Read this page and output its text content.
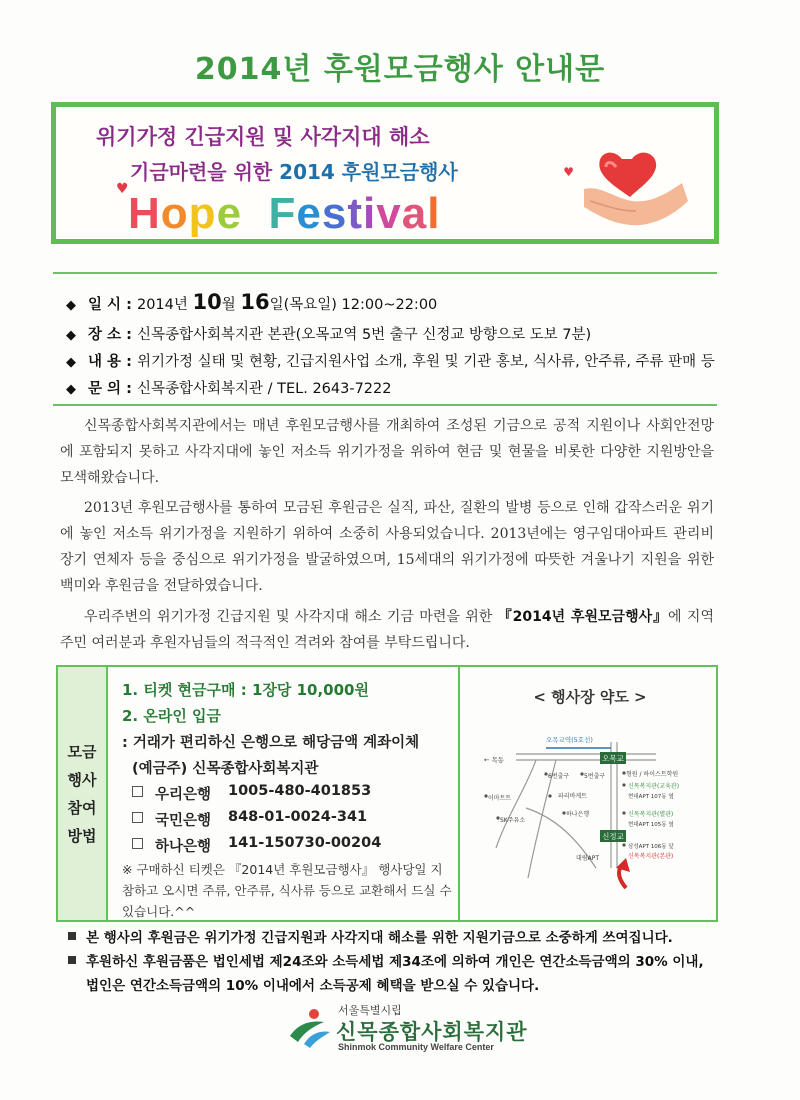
2014년 후원모금행사 안내문
위기가정 긴급지원 및 사각지대 해소
기금마련을 위한 2014 후원모금행사
Hope Festival
♥
♥
◆ 일 시 : 2014년 10월 16일(목요일) 12:00~22:00
◆ 장 소 : 신목종합사회복지관 본관(오목교역 5번 출구 신정교 방향으로 도보 7분)
◆ 내 용 : 위기가정 실태 및 현황, 긴급지원사업 소개, 후원 및 기관 홍보, 식사류, 안주류, 주류 판매 등
◆ 문 의 : 신목종합사회복지관 / TEL. 2643-7222
신목종합사회복지관에서는 매년 후원모금행사를 개최하여 조성된 기금으로 공적 지원이나 사회안전망에 포함되지 못하고 사각지대에 놓인 저소득 위기가정을 위하여 현금 및 현물을 비롯한 다양한 지원방안을 모색해왔습니다.
2013년 후원모금행사를 통하여 모금된 후원금은 실직, 파산, 질환의 발병 등으로 인해 갑작스러운 위기에 놓인 저소득 위기가정을 지원하기 위하여 소중히 사용되었습니다. 2013년에는 영구임대아파트 관리비 장기 연체자 등을 중심으로 위기가정을 발굴하였으며, 15세대의 위기가정에 따뜻한 겨울나기 지원을 위한 백미와 후원금을 전달하였습니다.
우리주변의 위기가정 긴급지원 및 사각지대 해소 기금 마련을 위한 『2014년 후원모금행사』에 지역주민 여러분과 후원자님들의 적극적인 격려와 참여를 부탁드립니다.
모금
행사
참여
방법
1. 티켓 현금구매 : 1장당 10,000원
2. 온라인 입금
: 거래가 편리하신 은행으로 해당금액 계좌이체
(예금주) 신목종합사회복지관
우리은행 1005-480-401853
국민은행 848-01-0024-341
하나은행 141-150730-00204
※ 구매하신 티켓은 『2014년 후원모금행사』 행사당일 지참하고 오시면 주류, 안주류, 식사류 등으로 교환해서 드실 수 있습니다.^^
< 행사장 약도 >
오목교
신정교
오목교역(5호선)
← 목동
6번출구 5번출구	형원 / 하이스트학원
신목복지관(교육관)
현대APT 107동 옆
이마트트	파리바게트
하나은행
SK주유소
신목복지관(별관)
현대APT 105동 옆
대림APT
삼성APT 106동 앞
신목복지관(본관)
본 행사의 후원금은 위기가정 긴급지원과 사각지대 해소를 위한 지원기금으로 소중하게 쓰여집니다.
후원하신 후원금품은 법인세법 제24조와 소득세법 제34조에 의하여 개인은 연간소득금액의 30% 이내,
법인은 연간소득금액의 10% 이내에서 소득공제 혜택을 받으실 수 있습니다.
서울특별시립
신목종합사회복지관
Shinmok Community Welfare Center
